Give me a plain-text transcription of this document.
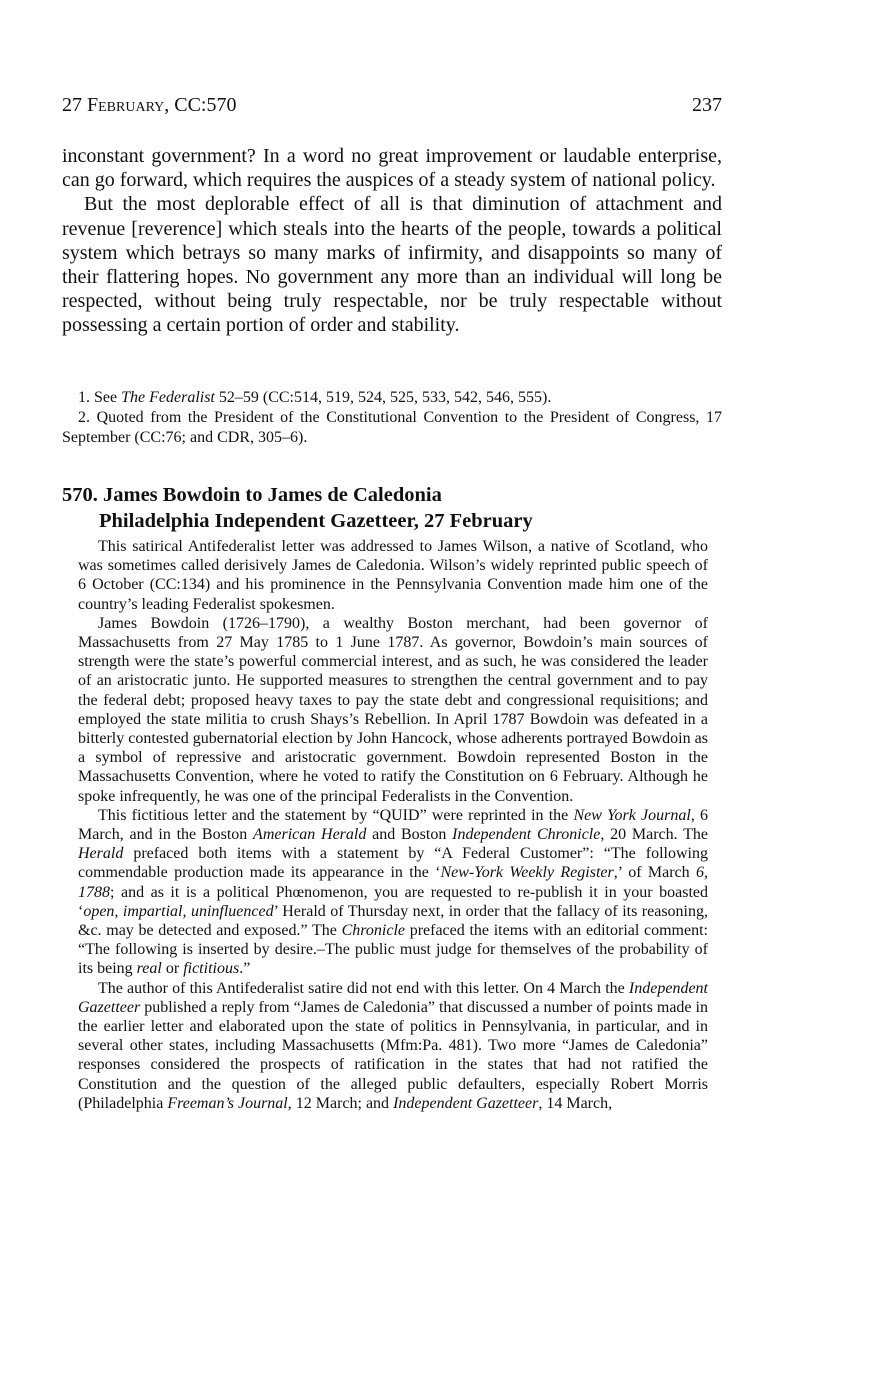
27 February, CC:570	237

inconstant government? In a word no great improvement or laudable enterprise, can go forward, which requires the auspices of a steady system of national policy.

But the most deplorable effect of all is that diminution of attachment and revenue [reverence] which steals into the hearts of the people, towards a political system which betrays so many marks of infirmity, and disappoints so many of their flattering hopes. No government any more than an individual will long be respected, without being truly respectable, nor be truly respectable without possessing a certain portion of order and stability.

1. See The Federalist 52–59 (CC:514, 519, 524, 525, 533, 542, 546, 555).

2. Quoted from the President of the Constitutional Convention to the President of Congress, 17 September (CC:76; and CDR, 305–6).

570. James Bowdoin to James de Caledonia
Philadelphia Independent Gazetteer, 27 February

This satirical Antifederalist letter was addressed to James Wilson, a native of Scotland, who was sometimes called derisively James de Caledonia. Wilson’s widely reprinted public speech of 6 October (CC:134) and his prominence in the Pennsylvania Convention made him one of the country’s leading Federalist spokesmen.

James Bowdoin (1726–1790), a wealthy Boston merchant, had been governor of Massachusetts from 27 May 1785 to 1 June 1787. As governor, Bowdoin’s main sources of strength were the state’s powerful commercial interest, and as such, he was considered the leader of an aristocratic junto. He supported measures to strengthen the central government and to pay the federal debt; proposed heavy taxes to pay the state debt and congressional requisitions; and employed the state militia to crush Shays’s Rebellion. In April 1787 Bowdoin was defeated in a bitterly contested gubernatorial election by John Hancock, whose adherents portrayed Bowdoin as a symbol of repressive and aristocratic government. Bowdoin represented Boston in the Massachusetts Convention, where he voted to ratify the Constitution on 6 February. Although he spoke infrequently, he was one of the principal Federalists in the Convention.

This fictitious letter and the statement by “QUID” were reprinted in the New York Journal, 6 March, and in the Boston American Herald and Boston Independent Chronicle, 20 March. The Herald prefaced both items with a statement by “A Federal Customer”: “The following commendable production made its appearance in the ‘New-York Weekly Register,’ of March 6, 1788; and as it is a political Phœnomenon, you are requested to re-publish it in your boasted ‘open, impartial, uninfluenced’ Herald of Thursday next, in order that the fallacy of its reasoning, &c. may be detected and exposed.” The Chronicle prefaced the items with an editorial comment: “The following is inserted by desire.–The public must judge for themselves of the probability of its being real or fictitious.”

The author of this Antifederalist satire did not end with this letter. On 4 March the Independent Gazetteer published a reply from “James de Caledonia” that discussed a number of points made in the earlier letter and elaborated upon the state of politics in Pennsylvania, in particular, and in several other states, including Massachusetts (Mfm:Pa. 481). Two more “James de Caledonia” responses considered the prospects of ratification in the states that had not ratified the Constitution and the question of the alleged public defaulters, especially Robert Morris (Philadelphia Freeman’s Journal, 12 March; and Independent Gazetteer, 14 March,
